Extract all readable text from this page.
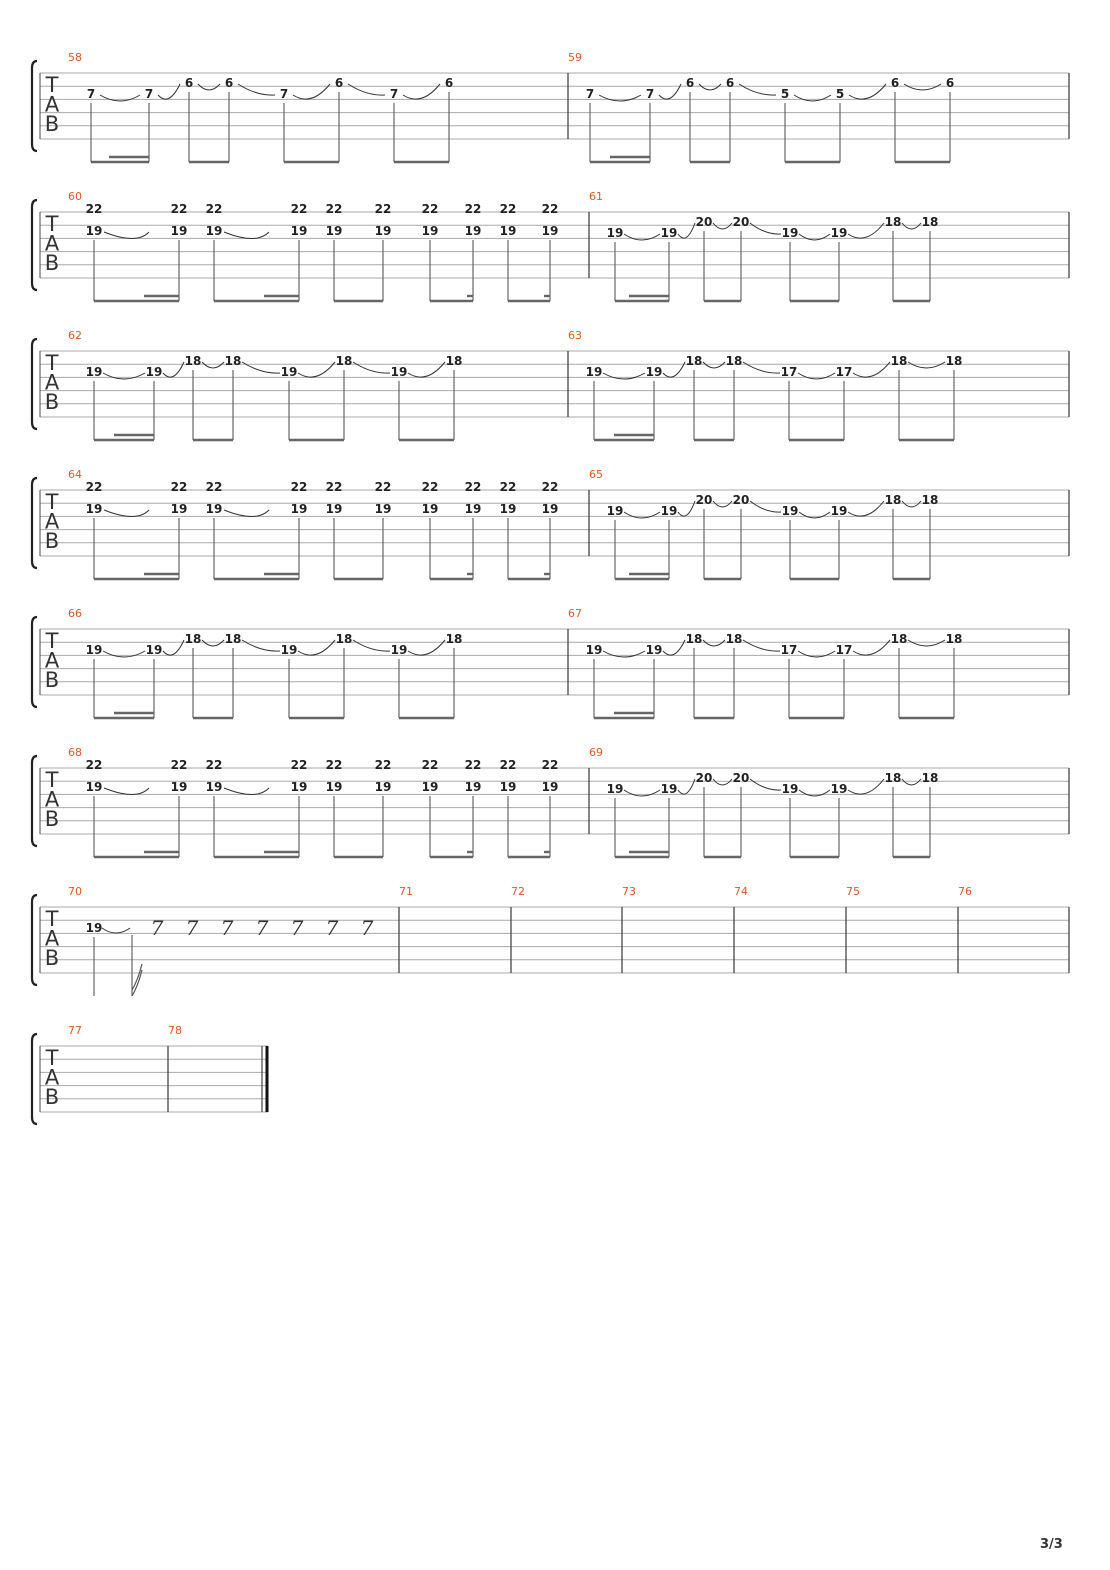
T
A
B
58
7	7
6	6
7
6
7
6
59
7	7
6	6
5	5
6	6
T
A
B
60
22
19
22
19
22
19
22
19
22
19
22
19
22
19
22
19
22
19
22
19
61
19	19
20 20
19	19
18 18
T
A
B
62
19	19
18 18
19
18
19
18
63
19	19
18 18
17	17
18	18
T
A
B
64
22
19
22
19
22
19
22
19
22
19
22
19
22
19
22
19
22
19
22
19
65
19	19
20 20
19	19
18 18
T
A
B
66
19	19
18 18
19
18
19
18
67
19	19
18 18
17	17
18	18
T
A
B
68
22
19
22
19
22
19
22
19
22
19
22
19
22
19
22
19
22
19
22
19
69
19	19
20 20
19	19
18 18
T
A
B
70
19 7 7 7 7 7 7 7
71	72	73	74	75	76
T
A
B
77	78
3/3
